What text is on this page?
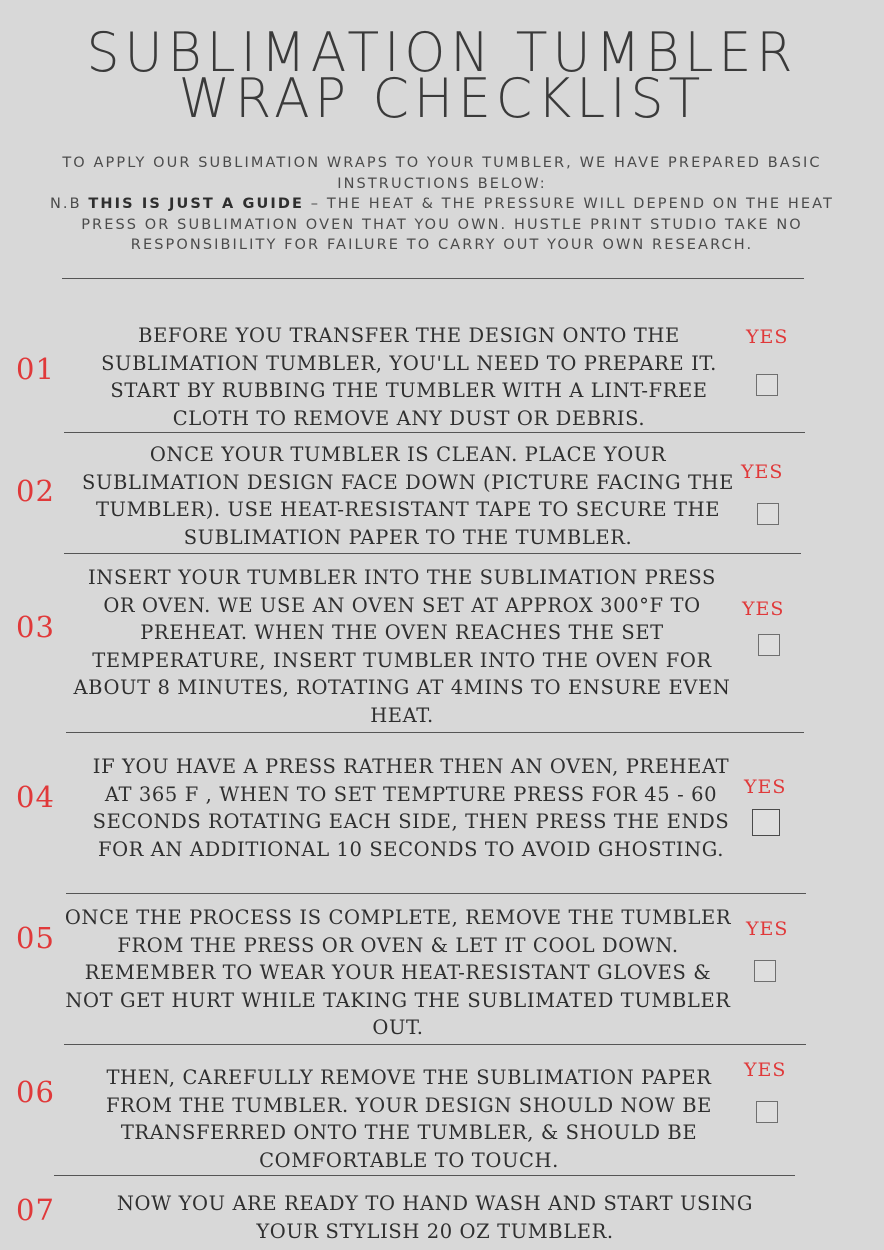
SUBLIMATION TUMBLER
WRAP CHECKLIST
TO APPLY OUR SUBLIMATION WRAPS TO YOUR TUMBLER, WE HAVE PREPARED BASIC INSTRUCTIONS BELOW:
N.B THIS IS JUST A GUIDE – THE HEAT & THE PRESSURE WILL DEPEND ON THE HEAT PRESS OR SUBLIMATION OVEN THAT YOU OWN. HUSTLE PRINT STUDIO TAKE NO RESPONSIBILITY FOR FAILURE TO CARRY OUT YOUR OWN RESEARCH.
01
BEFORE YOU TRANSFER THE DESIGN ONTO THE SUBLIMATION TUMBLER, YOU'LL NEED TO PREPARE IT. START BY RUBBING THE TUMBLER WITH A LINT-FREE CLOTH TO REMOVE ANY DUST OR DEBRIS.
YES
02
ONCE YOUR TUMBLER IS CLEAN. PLACE YOUR SUBLIMATION DESIGN FACE DOWN (PICTURE FACING THE TUMBLER). USE HEAT-RESISTANT TAPE TO SECURE THE SUBLIMATION PAPER TO THE TUMBLER.
YES
03
INSERT YOUR TUMBLER INTO THE SUBLIMATION PRESS OR OVEN. WE USE AN OVEN SET AT APPROX 300°F TO PREHEAT. WHEN THE OVEN REACHES THE SET TEMPERATURE, INSERT TUMBLER INTO THE OVEN FOR ABOUT 8 MINUTES, ROTATING AT 4MINS TO ENSURE EVEN HEAT.
YES
04
IF YOU HAVE A PRESS RATHER THEN AN OVEN, PREHEAT AT 365 F , WHEN TO SET TEMPTURE PRESS FOR 45 - 60 SECONDS ROTATING EACH SIDE, THEN PRESS THE ENDS FOR AN ADDITIONAL 10 SECONDS TO AVOID GHOSTING.
YES
05
ONCE THE PROCESS IS COMPLETE, REMOVE THE TUMBLER FROM THE PRESS OR OVEN & LET IT COOL DOWN. REMEMBER TO WEAR YOUR HEAT-RESISTANT GLOVES & NOT GET HURT WHILE TAKING THE SUBLIMATED TUMBLER OUT.
YES
06	THEN, CAREFULLY REMOVE THE SUBLIMATION PAPER FROM THE TUMBLER. YOUR DESIGN SHOULD NOW BE TRANSFERRED ONTO THE TUMBLER, & SHOULD BE COMFORTABLE TO TOUCH.
YES
07	NOW YOU ARE READY TO HAND WASH AND START USING YOUR STYLISH 20 OZ TUMBLER.
